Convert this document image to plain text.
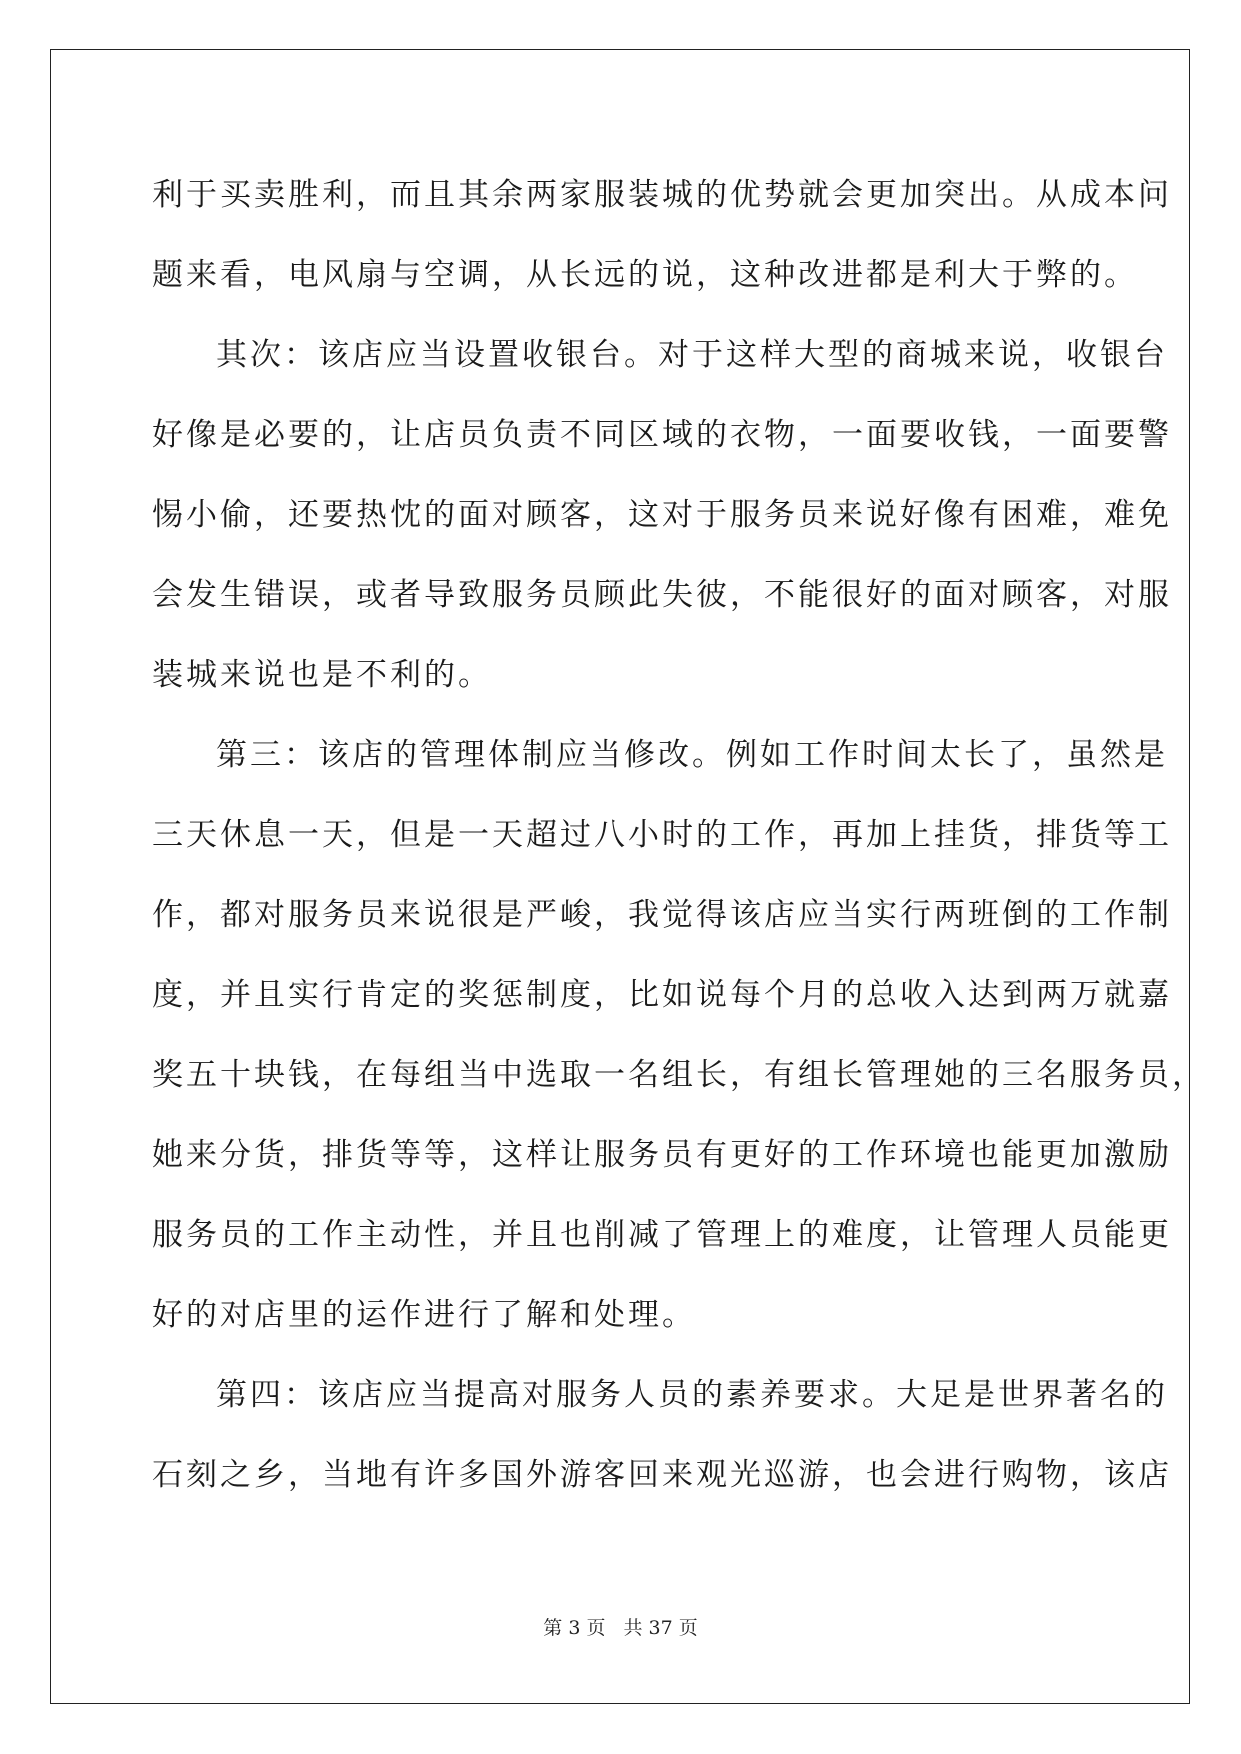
利于买卖胜利，而且其余两家服装城的优势就会更加突出。从成本问
题来看，电风扇与空调，从长远的说，这种改进都是利大于弊的。
其次：该店应当设置收银台。对于这样大型的商城来说，收银台
好像是必要的，让店员负责不同区域的衣物，一面要收钱，一面要警
惕小偷，还要热忱的面对顾客，这对于服务员来说好像有困难，难免
会发生错误，或者导致服务员顾此失彼，不能很好的面对顾客，对服
装城来说也是不利的。
第三：该店的管理体制应当修改。例如工作时间太长了，虽然是
三天休息一天，但是一天超过八小时的工作，再加上挂货，排货等工
作，都对服务员来说很是严峻，我觉得该店应当实行两班倒的工作制
度，并且实行肯定的奖惩制度，比如说每个月的总收入达到两万就嘉
奖五十块钱，在每组当中选取一名组长，有组长管理她的三名服务员，
她来分货，排货等等，这样让服务员有更好的工作环境也能更加激励
服务员的工作主动性，并且也削减了管理上的难度，让管理人员能更
好的对店里的运作进行了解和处理。
第四：该店应当提高对服务人员的素养要求。大足是世界著名的
石刻之乡，当地有许多国外游客回来观光巡游，也会进行购物，该店
第 3 页 共 37 页
